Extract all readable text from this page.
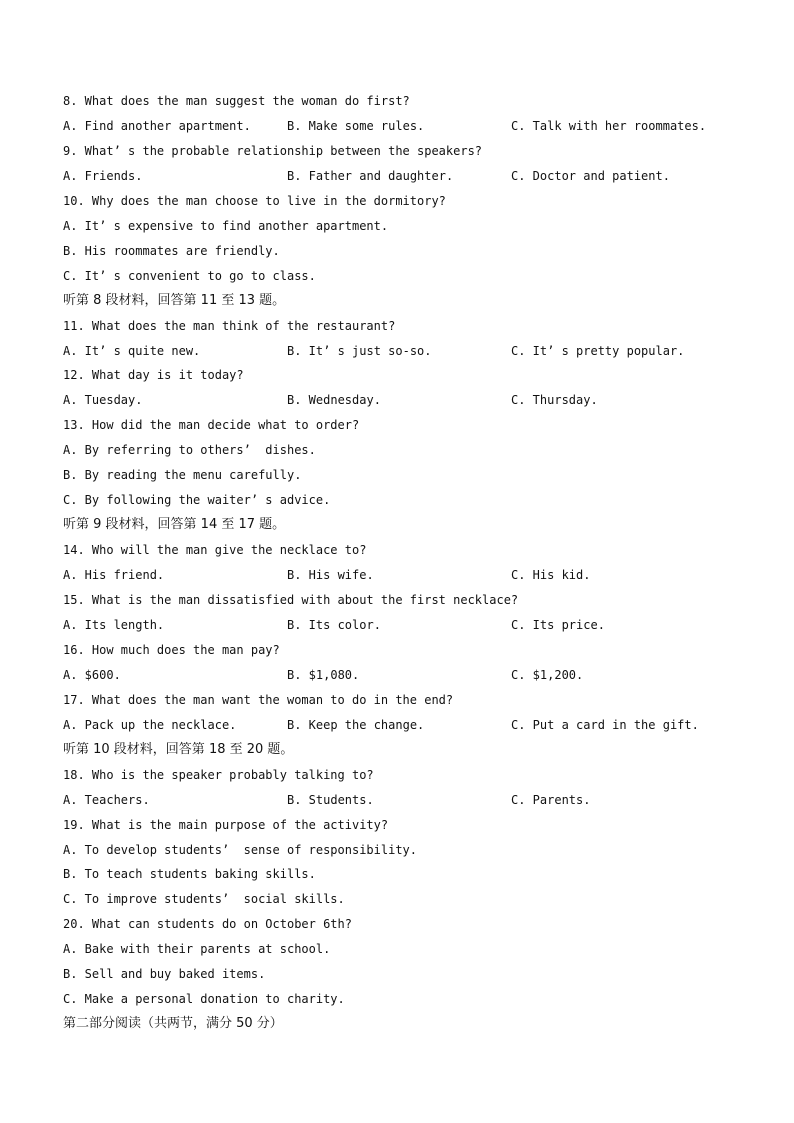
8. What does the man suggest the woman do first?
A. Find another apartment.	B. Make some rules.	C. Talk with her roommates.
9. What’ s the probable relationship between the speakers?
A. Friends.	B. Father and daughter.	C. Doctor and patient.
10. Why does the man choose to live in the dormitory?
A. It’ s expensive to find another apartment.
B. His roommates are friendly.
C. It’ s convenient to go to class.
听第 8 段材料，回答第 11 至 13 题。
11. What does the man think of the restaurant?
A. It’ s quite new.	B. It’ s just so-so.	C. It’ s pretty popular.
12. What day is it today?
A. Tuesday.	B. Wednesday.	C. Thursday.
13. How did the man decide what to order?
A. By referring to others’  dishes.
B. By reading the menu carefully.
C. By following the waiter’ s advice.
听第 9 段材料，回答第 14 至 17 题。
14. Who will the man give the necklace to?
A. His friend.	B. His wife.	C. His kid.
15. What is the man dissatisfied with about the first necklace?
A. Its length.	B. Its color.	C. Its price.
16. How much does the man pay?
A. $600.	B. $1,080.	C. $1,200.
17. What does the man want the woman to do in the end?
A. Pack up the necklace.	B. Keep the change.	C. Put a card in the gift.
听第 10 段材料，回答第 18 至 20 题。
18. Who is the speaker probably talking to?
A. Teachers.	B. Students.	C. Parents.
19. What is the main purpose of the activity?
A. To develop students’  sense of responsibility.
B. To teach students baking skills.
C. To improve students’  social skills.
20. What can students do on October 6th?
A. Bake with their parents at school.
B. Sell and buy baked items.
C. Make a personal donation to charity.
第二部分阅读（共两节，满分 50 分）
